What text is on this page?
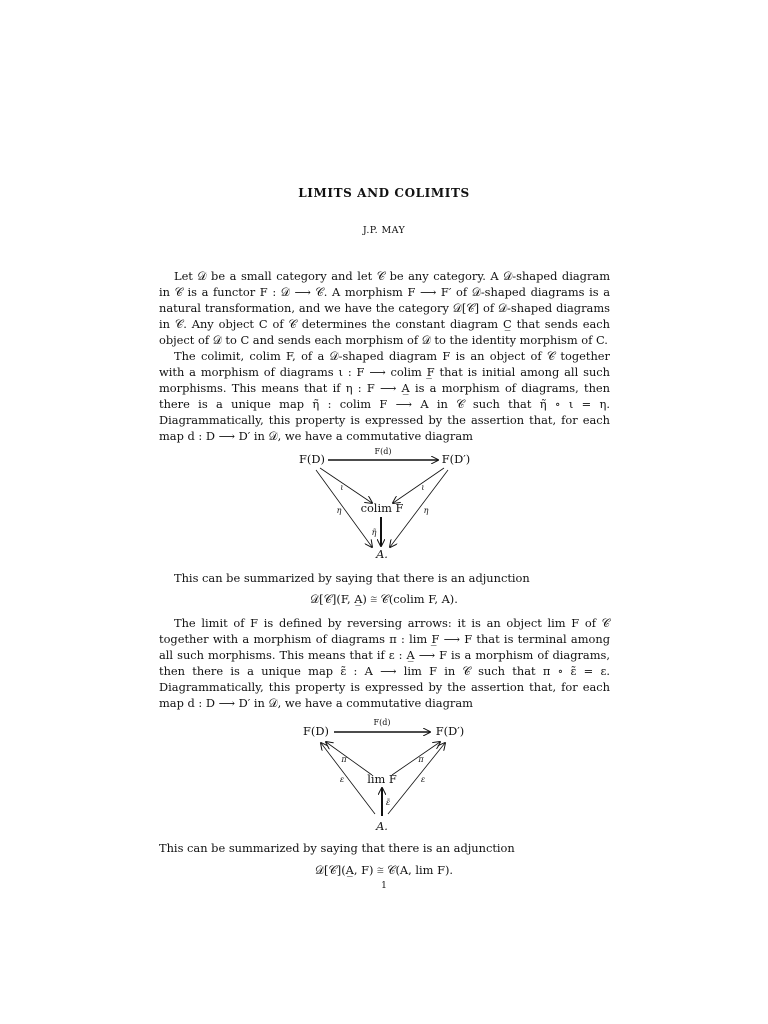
LIMITS AND COLIMITS
J.P. MAY

Let 𝒟 be a small category and let 𝒞 be any category. A 𝒟-shaped diagram in 𝒞 is a functor F : 𝒟 ⟶ 𝒞. A morphism F ⟶ F′ of 𝒟-shaped diagrams is a natural transformation, and we have the category 𝒟[𝒞] of 𝒟-shaped diagrams in 𝒞. Any object C of 𝒞 determines the constant diagram C̲ that sends each object of 𝒟 to C and sends each morphism of 𝒟 to the identity morphism of C.

The colimit, colim F, of a 𝒟-shaped diagram F is an object of 𝒞 together with a morphism of diagrams ι : F ⟶ colim F̲ that is initial among all such morphisms. This means that if η : F ⟶ A̲ is a morphism of diagrams, then there is a unique map η̃ : colim F ⟶ A in 𝒞 such that η̃ ∘ ι = η. Diagrammatically, this property is expressed by the assertion that, for each map d : D ⟶ D′ in 𝒟, we have a commutative diagram

F(D)	F(D′)
F(d)
colim F
A.
ι	ι
η	η
η̃

This can be summarized by saying that there is an adjunction

𝒟[𝒞](F, A̲) ≅ 𝒞(colim F, A).

The limit of F is defined by reversing arrows: it is an object lim F of 𝒞 together with a morphism of diagrams π : lim F̲ ⟶ F that is terminal among all such morphisms. This means that if ε : A̲ ⟶ F is a morphism of diagrams, then there is a unique map ε̃ : A ⟶ lim F in 𝒞 such that π ∘ ε̃ = ε. Diagrammatically, this property is expressed by the assertion that, for each map d : D ⟶ D′ in 𝒟, we have a commutative diagram

F(D)	F(D′)
F(d)
lim F
A.
π	π
ε	ε
ε̃

This can be summarized by saying that there is an adjunction

𝒟[𝒞](A̲, F) ≅ 𝒞(A, lim F).
1
